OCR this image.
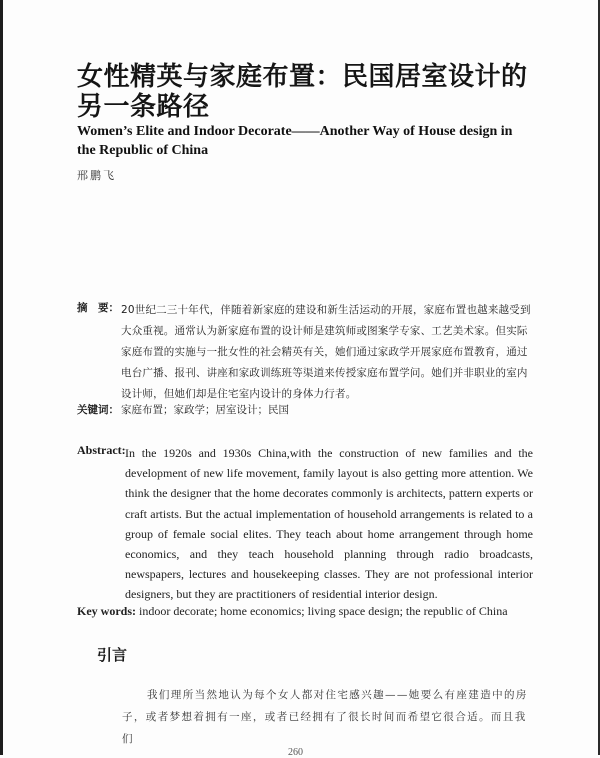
女性精英与家庭布置：民国居室设计的另一条路径
Women’s Elite and Indoor Decorate——Another Way of House design in the Republic of China
邢鹏飞
摘　要： 20世纪二三十年代，伴随着新家庭的建设和新生活运动的开展，家庭布置也越来越受到大众重视。通常认为新家庭布置的设计师是建筑师或图案学专家、工艺美术家。但实际家庭布置的实施与一批女性的社会精英有关，她们通过家政学开展家庭布置教育，通过电台广播、报刊、讲座和家政训练班等渠道来传授家庭布置学问。她们并非职业的室内设计师，但她们却是住宅室内设计的身体力行者。
关键词： 家庭布置；家政学；居室设计；民国
Abstract: In the 1920s and 1930s China,with the construction of new families and the development of new life movement, family layout is also getting more attention. We think the designer that the home decorates commonly is architects, pattern experts or craft artists. But the actual implementation of household arrangements is related to a group of female social elites. They teach about home arrangement through home economics, and they teach household planning through radio broadcasts, newspapers, lectures and housekeeping classes. They are not professional interior designers, but they are practitioners of residential interior design.
Key words: indoor decorate; home economics; living space design; the republic of China
引言
我们理所当然地认为每个女人都对住宅感兴趣——她要么有座建造中的房子，或者梦想着拥有一座，或者已经拥有了很长时间而希望它很合适。而且我们
260
